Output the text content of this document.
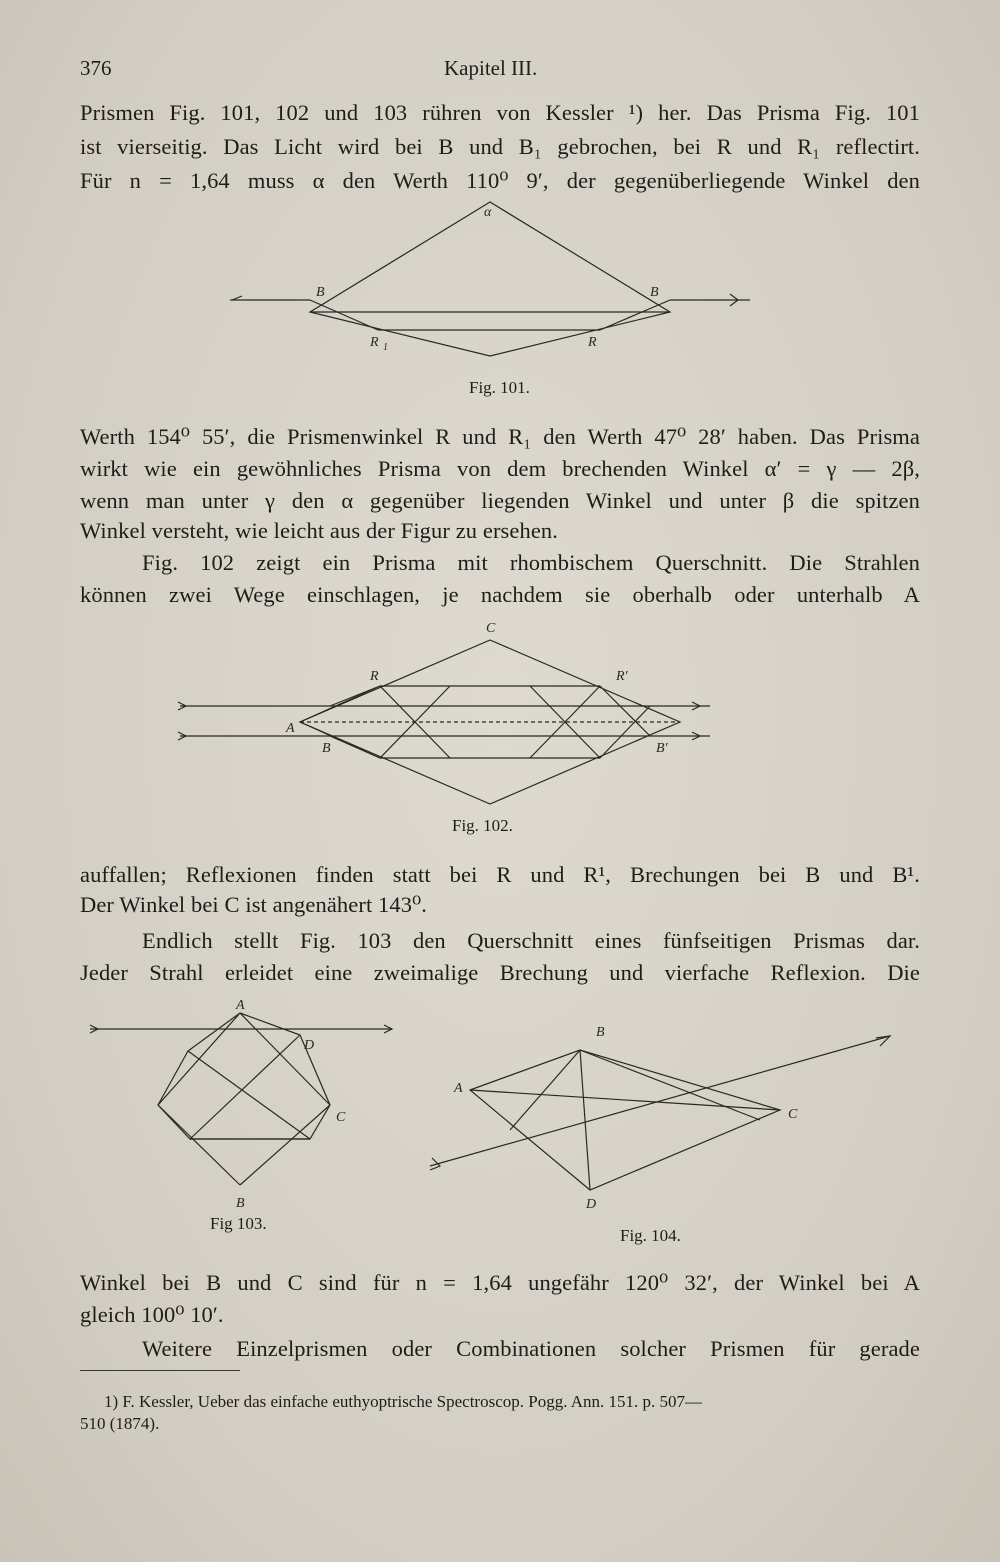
376	Kapitel III.
Prismen Fig. 101, 102 und 103 rühren von Kessler ¹) her. Das Prisma Fig. 101
ist vierseitig. Das Licht wird bei B und B₁ gebrochen, bei R und R₁ reflectirt.
Für n = 1,64 muss α den Werth 110⁰ 9′, der gegenüberliegende Winkel den
α
B	B
R 1	R
Fig. 101.
Werth 154⁰ 55′, die Prismenwinkel R und R₁ den Werth 47⁰ 28′ haben. Das Prisma
wirkt wie ein gewöhnliches Prisma von dem brechenden Winkel α′ = γ — 2β,
wenn man unter γ den α gegenüber liegenden Winkel und unter β die spitzen
Winkel versteht, wie leicht aus der Figur zu ersehen.
Fig. 102 zeigt ein Prisma mit rhombischem Querschnitt. Die Strahlen
können zwei Wege einschlagen, je nachdem sie oberhalb oder unterhalb A
C
R	R′
A
B	B′
Fig. 102.
auffallen; Reflexionen finden statt bei R und R¹, Brechungen bei B und B¹.
Der Winkel bei C ist angenähert 143⁰.
Endlich stellt Fig. 103 den Querschnitt eines fünfseitigen Prismas dar.
Jeder Strahl erleidet eine zweimalige Brechung und vierfache Reflexion. Die
A
D
C
B
Fig 103.
B
A
C
D
Fig. 104.
Winkel bei B und C sind für n = 1,64 ungefähr 120⁰ 32′, der Winkel bei A
gleich 100⁰ 10′.
Weitere Einzelprismen oder Combinationen solcher Prismen für gerade
1) F. Kessler, Ueber das einfache euthyoptrische Spectroscop. Pogg. Ann. 151. p. 507—
510 (1874).
